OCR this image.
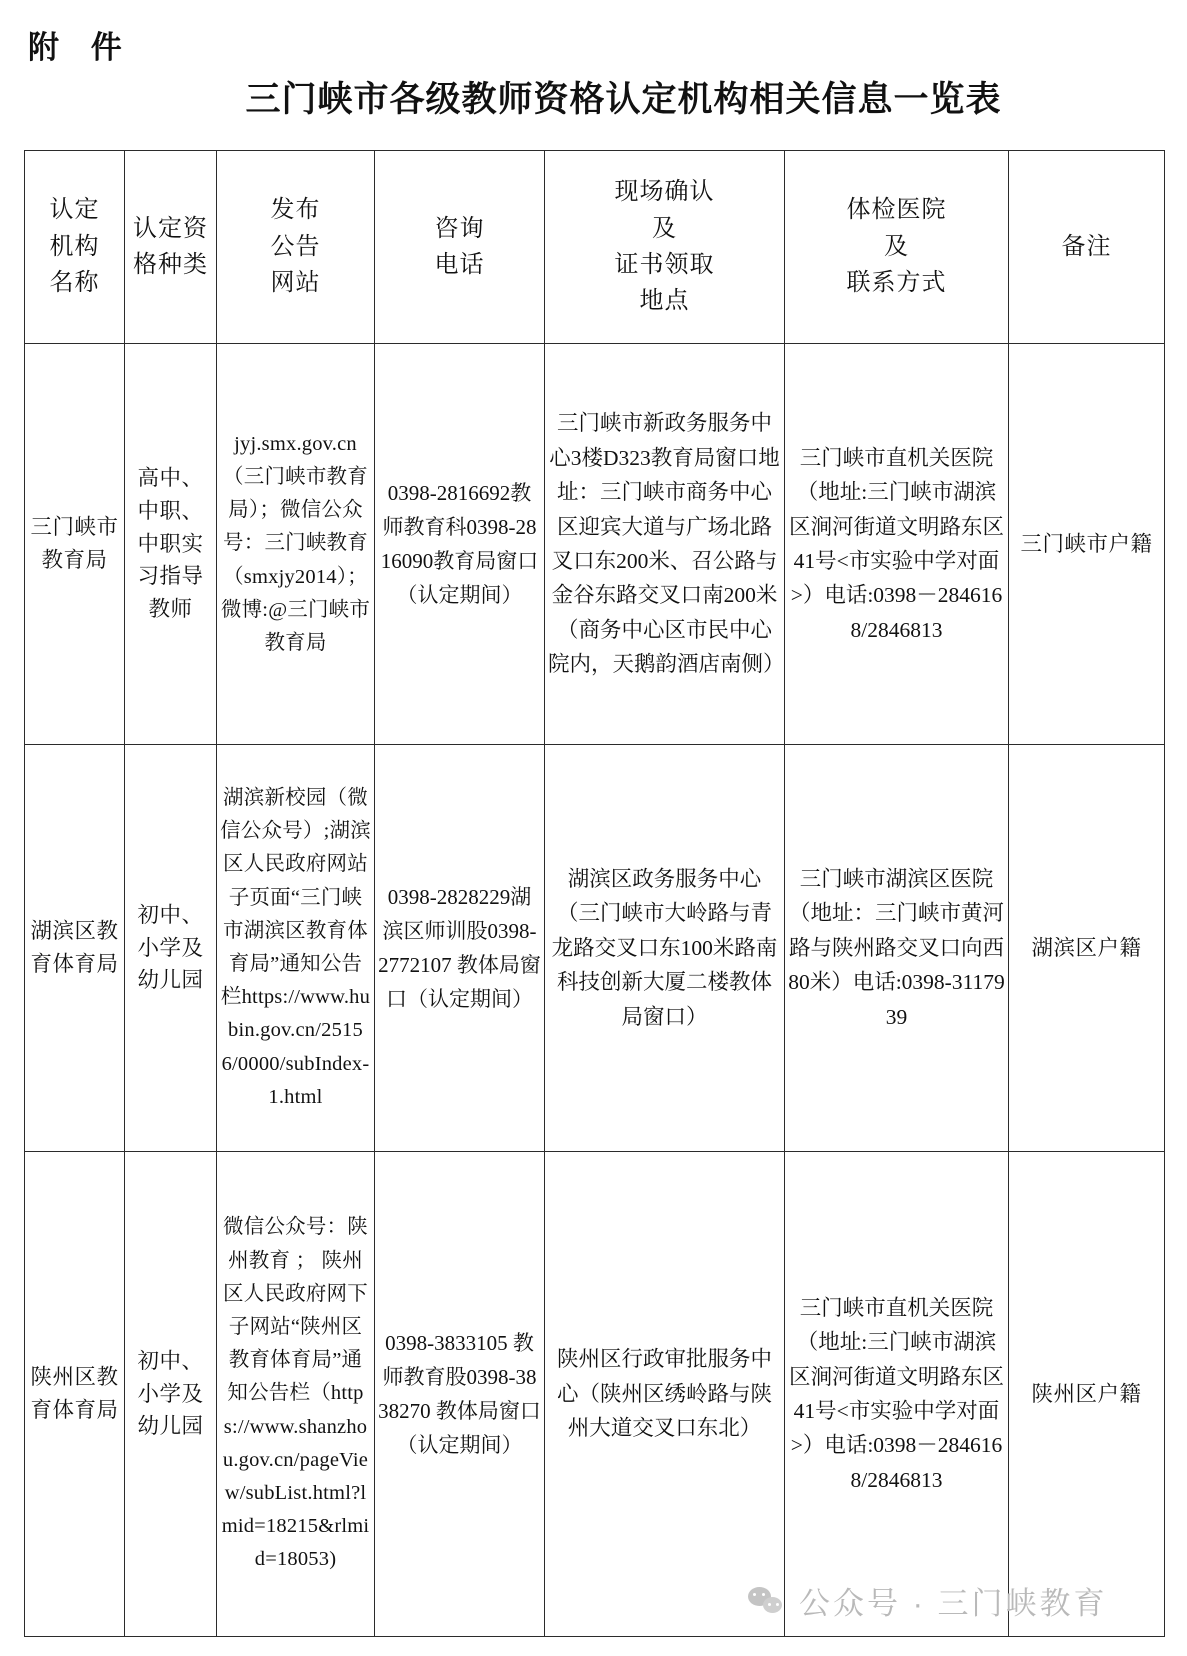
附 件
三门峡市各级教师资格认定机构相关信息一览表
认定
机构
名称	认定资
格种类	发布
公告
网站	咨询
电话	现场确认
及
证书领取
地点	体检医院
及
联系方式	备注

三门峡市教育局	高中、中职、中职实习指导教师	jyj.smx.gov.cn（三门峡市教育局）；微信公众号：三门峡教育（smxjy2014）；微博:@三门峡市教育局	0398-2816692教师教育科0398-2816090教育局窗口（认定期间）	三门峡市新政务服务中心3楼D323教育局窗口地址：三门峡市商务中心区迎宾大道与广场北路叉口东200米、召公路与金谷东路交叉口南200米（商务中心区市民中心院内，天鹅韵酒店南侧）	三门峡市直机关医院（地址:三门峡市湖滨区涧河街道文明路东区41号<市实验中学对面>）电话:0398－2846168/2846813	三门峡市户籍

湖滨区教育体育局	初中、小学及幼儿园	湖滨新校园（微信公众号）;湖滨区人民政府网站子页面“三门峡市湖滨区教育体育局”通知公告栏https://www.hubin.gov.cn/25156/0000/subIndex-1.html	0398-2828229湖滨区师训股0398-2772107 教体局窗口（认定期间）	湖滨区政务服务中心（三门峡市大岭路与青龙路交叉口东100米路南科技创新大厦二楼教体局窗口）	三门峡市湖滨区医院（地址：三门峡市黄河路与陕州路交叉口向西80米）电话:0398-3117939	湖滨区户籍

陕州区教育体育局	初中、小学及幼儿园	微信公众号：陕州教育 ； 陕州区人民政府网下子网站“陕州区教育体育局”通知公告栏（https://www.shanzhou.gov.cn/pageView/subList.html?lmid=18215&rlmid=18053)	0398-3833105 教师教育股0398-3838270 教体局窗口（认定期间）	陕州区行政审批服务中心（陕州区绣岭路与陕州大道交叉口东北）	三门峡市直机关医院（地址:三门峡市湖滨区涧河街道文明路东区41号<市实验中学对面>）电话:0398－2846168/2846813	陕州区户籍
公众号 · 三门峡教育
